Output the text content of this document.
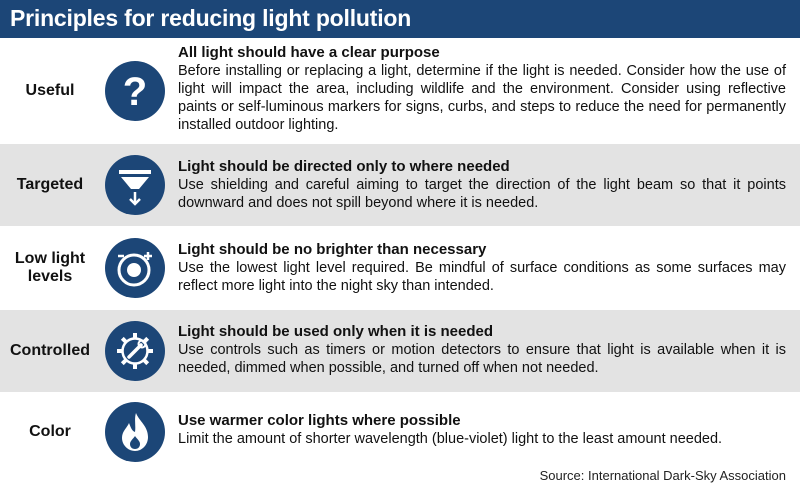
Principles for reducing light pollution
Useful	?
All light should have a clear purpose
Before installing or replacing a light, determine if the light is needed. Consider how the use of light will impact the area, including wildlife and the environment. Consider using reflective paints or self-luminous markers for signs, curbs, and steps to reduce the need for permanently installed outdoor lighting.
Targeted
Light should be directed only to where needed
Use shielding and careful aiming to target the direction of the light beam so that it points downward and does not spill beyond where it is needed.
Low light levels
Light should be no brighter than necessary
Use the lowest light level required. Be mindful of surface conditions as some surfaces may reflect more light into the night sky than intended.
Controlled
Light should be used only when it is needed
Use controls such as timers or motion detectors to ensure that light is available when it is needed, dimmed when possible, and turned off when not needed.
Color
Use warmer color lights where possible
Limit the amount of shorter wavelength (blue-violet) light to the least amount needed.
Source: International Dark-Sky Association
